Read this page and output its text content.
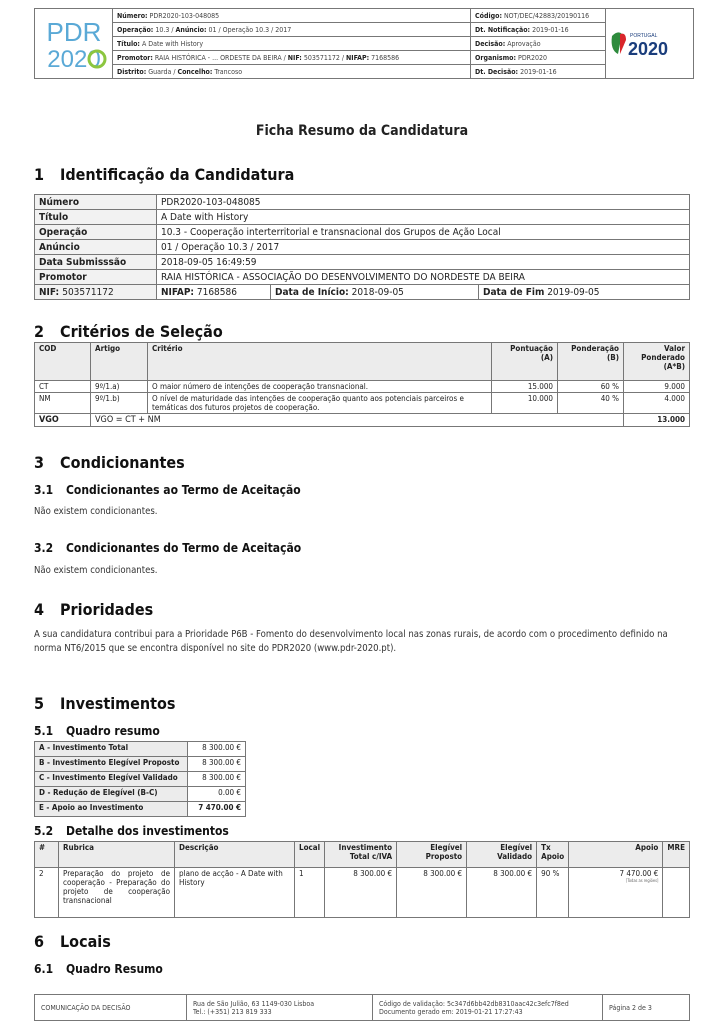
PDR
2020	Número: PDR2020-103-048085	Código: NOT/DEC/42883/20190116	PORTUGAL
2020

	Operação: 10.3 / Anúncio: 01 / Operação 10.3 / 2017	Dt. Notificação: 2019-01-16	
	Título: A Date with History	Decisão: Aprovação	
	Promotor: RAIA HISTÓRICA - ... ORDESTE DA BEIRA / NIF: 503571172 / NIFAP: 7168586	Organismo: PDR2020	
	Distrito: Guarda / Concelho: Trancoso	Dt. Decisão: 2019-01-16	
Ficha Resumo da Candidatura
1 Identificação da Candidatura
Número	PDR2020-103-048085		
Título	A Date with History		
Operação	10.3 - Cooperação interterritorial e transnacional dos Grupos de Ação Local		
Anúncio	01 / Operação 10.3 / 2017		
Data Submisssão	2018-09-05 16:49:59		
Promotor	RAIA HISTÓRICA - ASSOCIAÇÃO DO DESENVOLVIMENTO DO NORDESTE DA BEIRA		
NIF: 503571172	NIFAP: 7168586	Data de Início: 2018-09-05	Data de Fim 2019-09-05
2 Critérios de Seleção
COD	Artigo	Critério	Pontuação (A)	Ponderação (B)	Valor Ponderado (A*B)
CT	9º/1.a)	O maior número de intenções de cooperação transnacional.	15.000	60 %	9.000
NM	9º/1.b)	O nível de maturidade das intenções de cooperação quanto aos potenciais parceiros e temáticas dos futuros projetos de cooperação.	10.000	40 %	4.000
VGO	VGO = CT + NM				13.000
3 Condicionantes
3.1 Condicionantes ao Termo de Aceitação
Não existem condicionantes.
3.2 Condicionantes do Termo de Aceitação
Não existem condicionantes.
4 Prioridades
A sua candidatura contribui para a Prioridade P6B - Fomento do desenvolvimento local nas zonas rurais, de acordo com o procedimento definido na norma NT6/2015 que se encontra disponível no site do PDR2020 (www.pdr-2020.pt).
5 Investimentos
5.1 Quadro resumo
A - Investimento Total	8 300.00 €
B - Investimento Elegível Proposto	8 300.00 €
C - Investimento Elegível Validado	8 300.00 €
D - Redução de Elegível (B-C)	0.00 €
E - Apoio ao Investimento	7 470.00 €
5.2 Detalhe dos investimentos
#	Rubrica	Descrição	Local	Investimento Total c/IVA	Elegível Proposto	Elegível Validado	Tx Apoio	Apoio	MRE
2	Preparação do projeto de cooperação - Preparação do projeto de cooperação transnacional	plano de acção - A Date with History	1	8 300.00 €	8 300.00 €	8 300.00 €	90 %	7 470.00 €
[Todas as regiões]	

6 Locais
6.1 Quadro Resumo
COMUNICAÇÃO DA DECISÃO	Rua de São Julião, 63 1149-030 Lisboa
Tel.: (+351) 213 819 333

Código de validação: 5c347d6bb42db8310aac42c3efc7f8ed
Documento gerado em: 2019-01-21 17:27:43	Página 2 de 3
